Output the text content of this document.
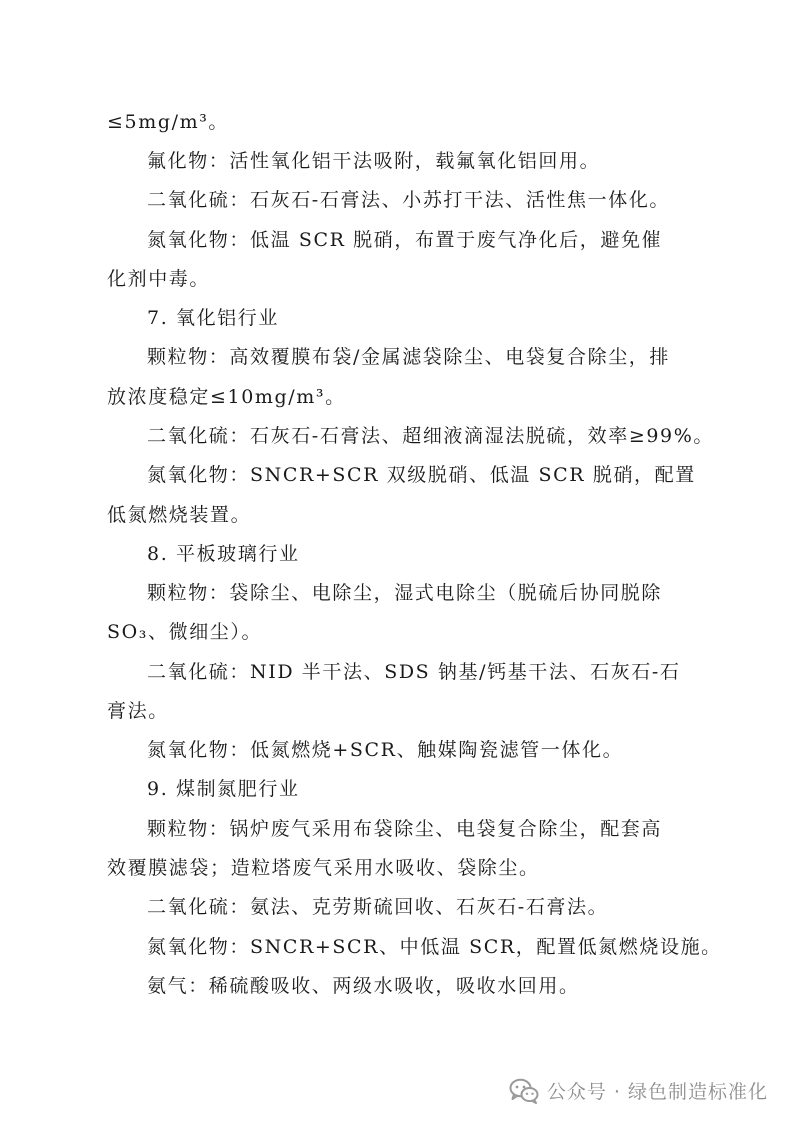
≤5mg/m³。
氟化物：活性氧化铝干法吸附，载氟氧化铝回用。
二氧化硫：石灰石-石膏法、小苏打干法、活性焦一体化。
氮氧化物：低温 SCR 脱硝，布置于废气净化后，避免催
化剂中毒。
7. 氧化铝行业
颗粒物：高效覆膜布袋/金属滤袋除尘、电袋复合除尘，排
放浓度稳定≤10mg/m³。
二氧化硫：石灰石-石膏法、超细液滴湿法脱硫，效率≥99%。
氮氧化物：SNCR+SCR 双级脱硝、低温 SCR 脱硝，配置
低氮燃烧装置。
8. 平板玻璃行业
颗粒物：袋除尘、电除尘，湿式电除尘（脱硫后协同脱除
SO₃、微细尘）。
二氧化硫：NID 半干法、SDS 钠基/钙基干法、石灰石-石
膏法。
氮氧化物：低氮燃烧+SCR、触媒陶瓷滤管一体化。
9. 煤制氮肥行业
颗粒物：锅炉废气采用布袋除尘、电袋复合除尘，配套高
效覆膜滤袋；造粒塔废气采用水吸收、袋除尘。
二氧化硫：氨法、克劳斯硫回收、石灰石-石膏法。
氮氧化物：SNCR+SCR、中低温 SCR，配置低氮燃烧设施。
氨气：稀硫酸吸收、两级水吸收，吸收水回用。
公众号 · 绿色制造标准化
